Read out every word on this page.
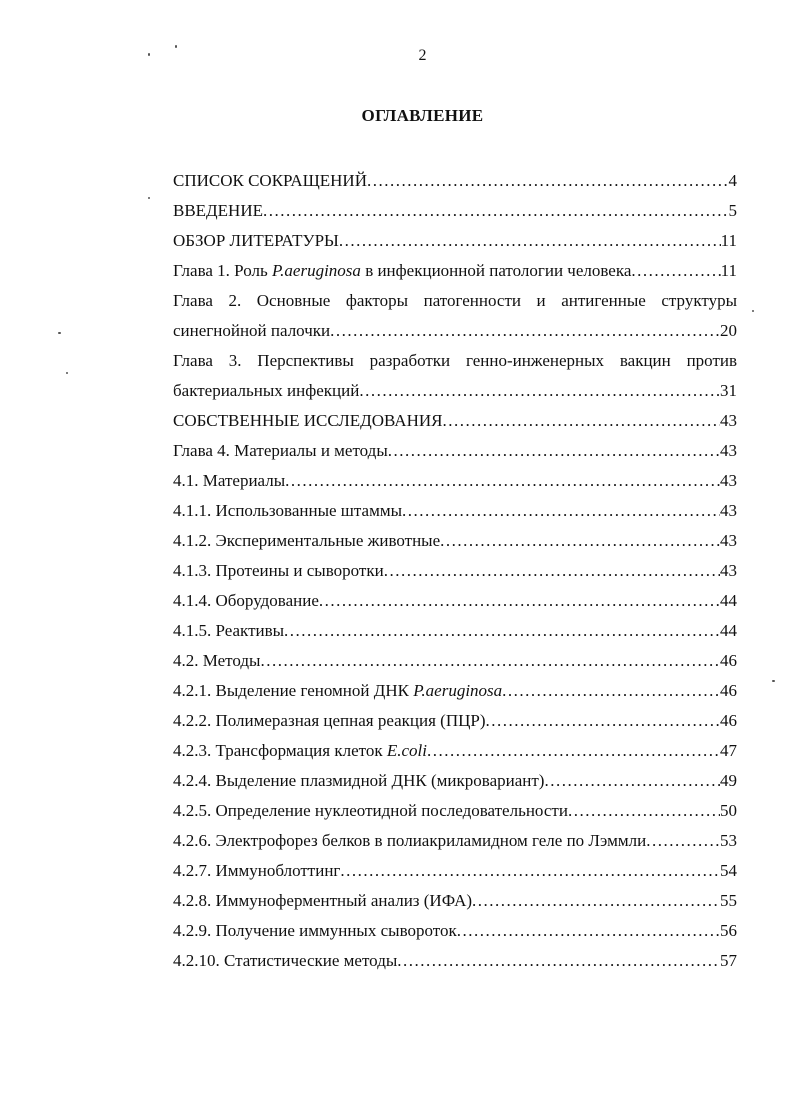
2
ОГЛАВЛЕНИЕ
СПИСОК СОКРАЩЕНИЙ .....	4
ВВЕДЕНИЕ .....	5
ОБЗОР ЛИТЕРАТУРЫ .....	11
Глава 1. Роль P.aeruginosa в инфекционной патологии человека .....	11
Глава 2. Основные факторы патогенности и антигенные структуры
синегнойной палочки .....	20
Глава 3. Перспективы разработки генно-инженерных вакцин против
бактериальных инфекций .....	31
СОБСТВЕННЫЕ ИССЛЕДОВАНИЯ .....	43
Глава 4. Материалы и методы .....	43
4.1. Материалы .....	43
4.1.1. Использованные штаммы .....	43
4.1.2. Экспериментальные животные .....	43
4.1.3. Протеины и сыворотки .....	43
4.1.4. Оборудование .....	44
4.1.5. Реактивы .....	44
4.2. Методы .....	46
4.2.1. Выделение геномной ДНК P.aeruginosa .....	46
4.2.2. Полимеразная цепная реакция (ПЦР) .....	46
4.2.3. Трансформация клеток E.coli .....	47
4.2.4. Выделение плазмидной ДНК (микровариант) .....	49
4.2.5. Определение нуклеотидной последовательности .....	50
4.2.6. Электрофорез белков в полиакриламидном геле по Лэммли .....	53
4.2.7. Иммуноблоттинг .....	54
4.2.8. Иммуноферментный анализ (ИФА) .....	55
4.2.9. Получение иммунных сывороток .....	56
4.2.10. Статистические методы .....	57
